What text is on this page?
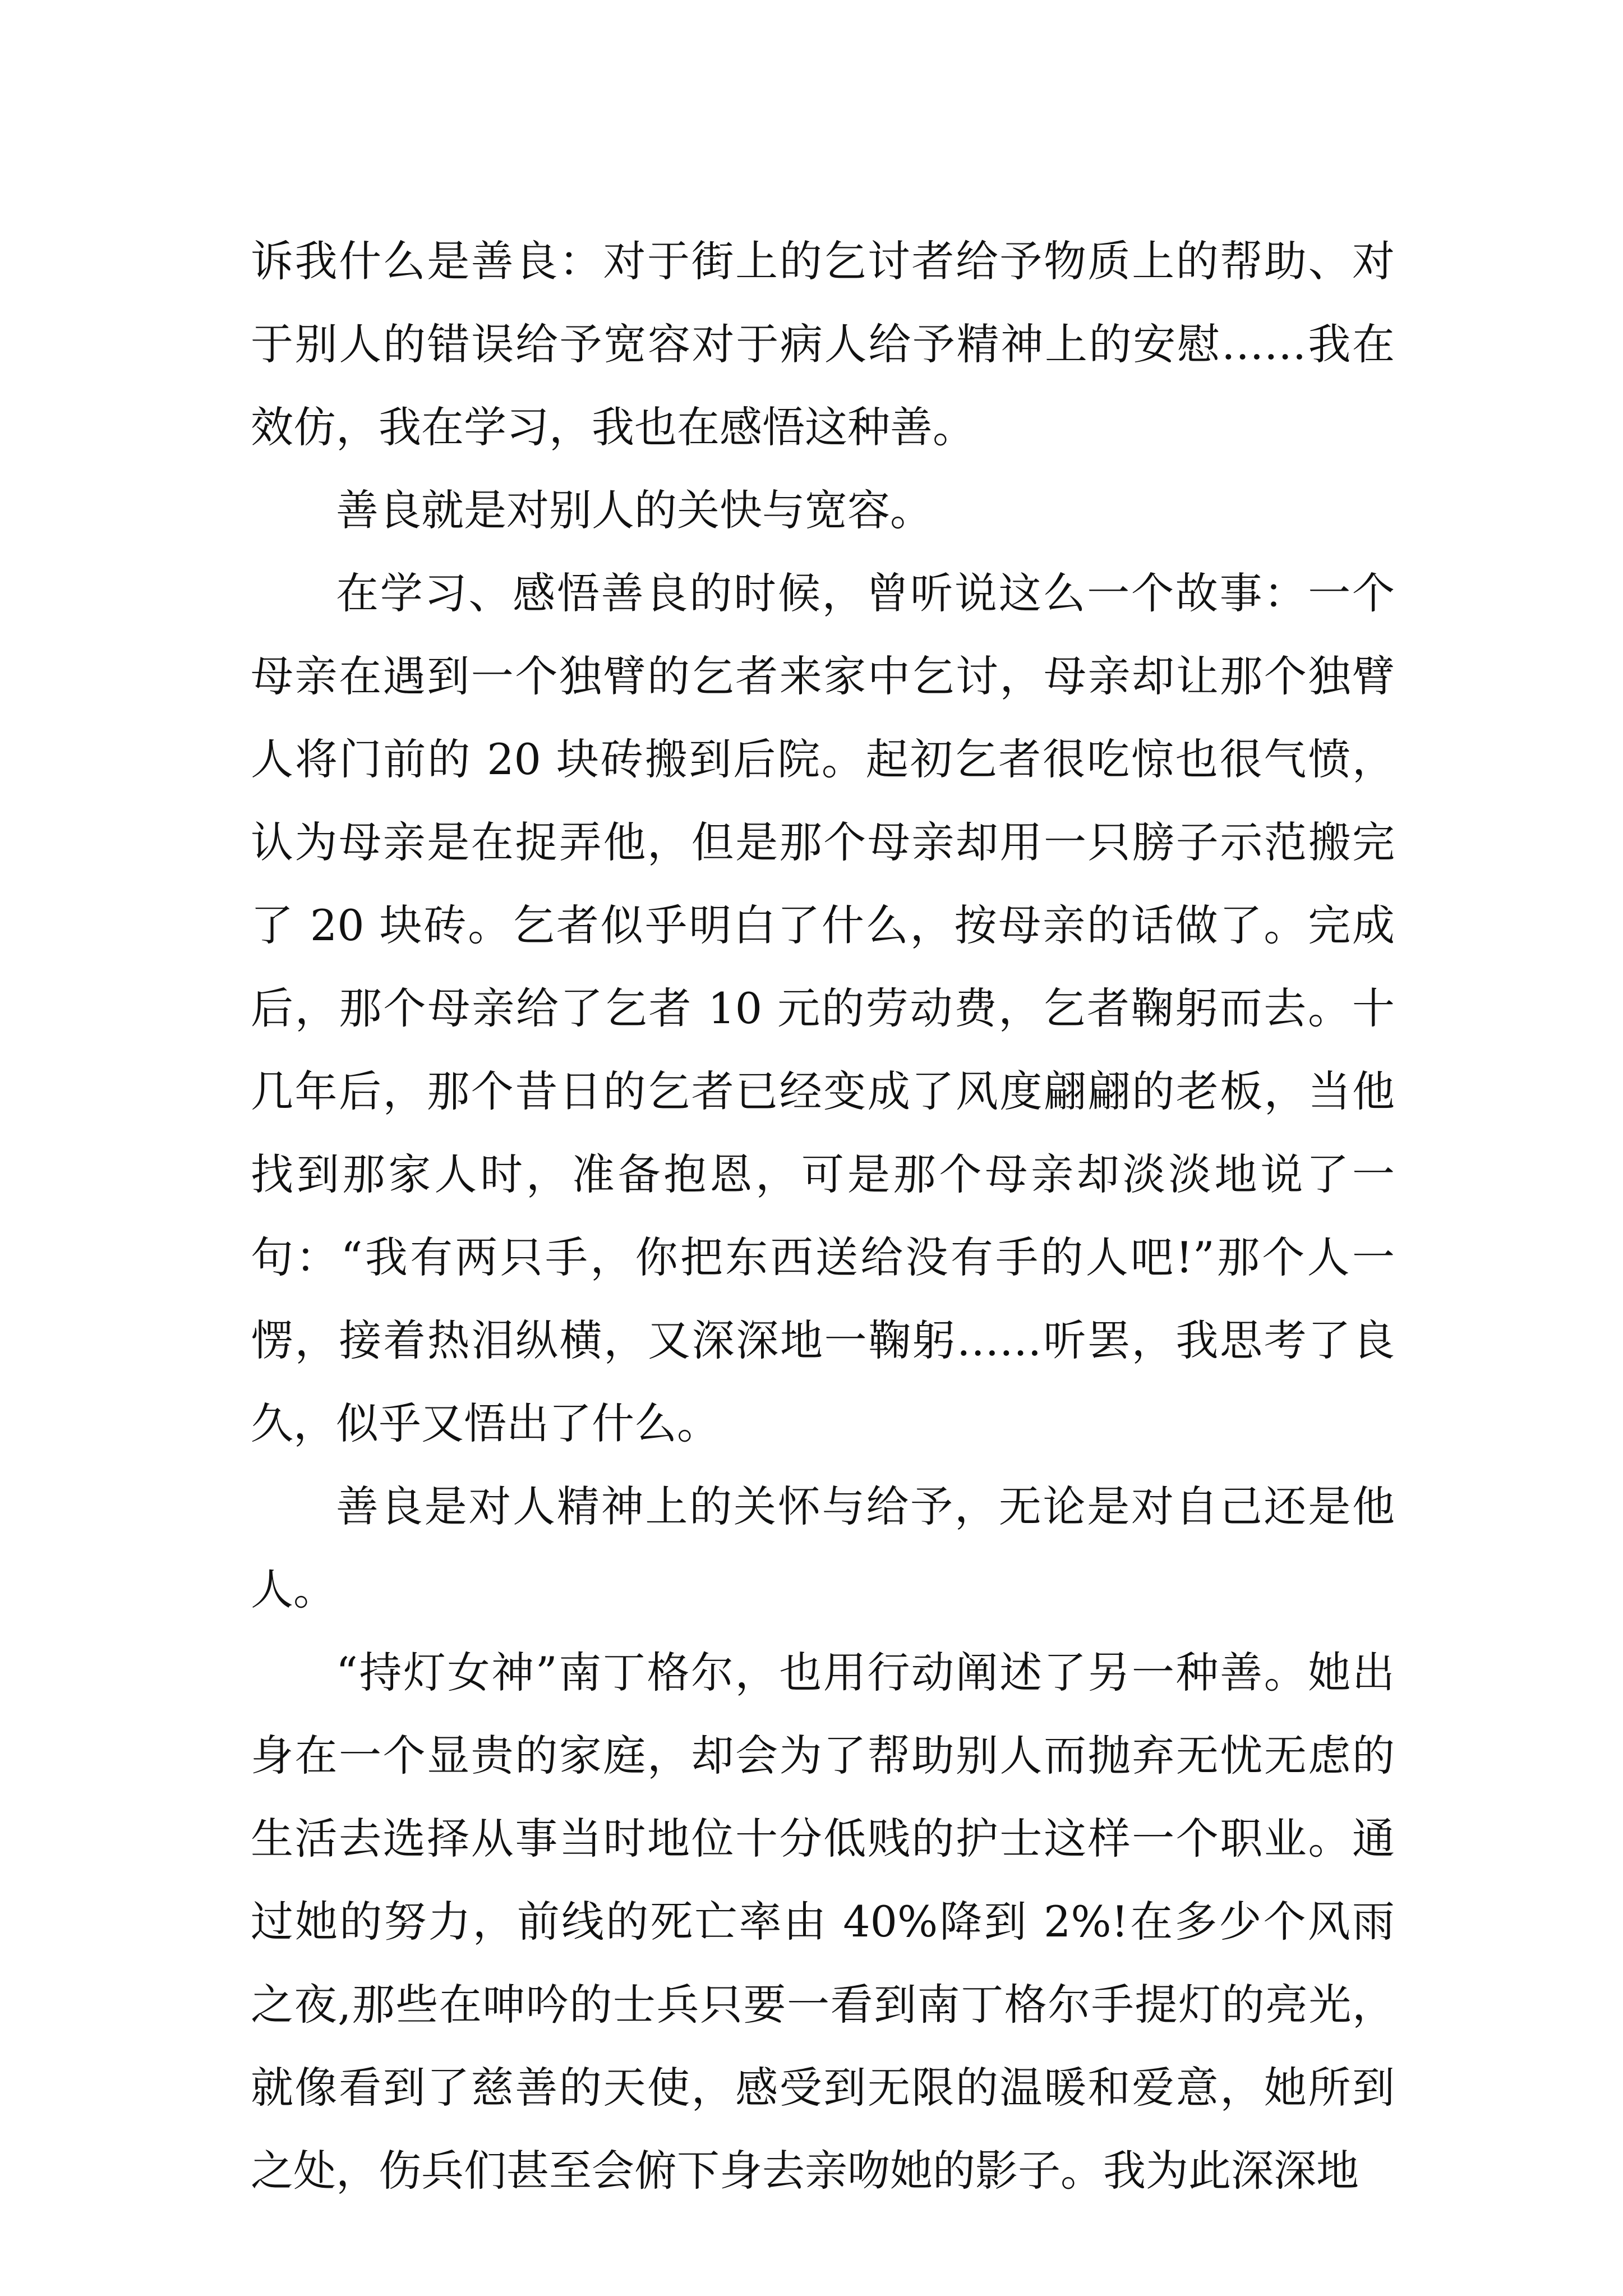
诉我什么是善良：对于街上的乞讨者给予物质上的帮助、对于别人的错误给予宽容对于病人给予精神上的安慰……我在效仿，我在学习，我也在感悟这种善。

善良就是对别人的关快与宽容。

在学习、感悟善良的时候，曾听说这么一个故事：一个母亲在遇到一个独臂的乞者来家中乞讨，母亲却让那个独臂人将门前的 20 块砖搬到后院。起初乞者很吃惊也很气愤，认为母亲是在捉弄他，但是那个母亲却用一只膀子示范搬完了 20 块砖。乞者似乎明白了什么，按母亲的话做了。完成后，那个母亲给了乞者 10 元的劳动费，乞者鞠躬而去。十几年后，那个昔日的乞者已经变成了风度翩翩的老板，当他找到那家人时，准备抱恩，可是那个母亲却淡淡地说了一句：“我有两只手，你把东西送给没有手的人吧!”那个人一愣，接着热泪纵横，又深深地一鞠躬……听罢，我思考了良久，似乎又悟出了什么。

善良是对人精神上的关怀与给予，无论是对自己还是他人。

“持灯女神”南丁格尔，也用行动阐述了另一种善。她出身在一个显贵的家庭，却会为了帮助别人而抛弃无忧无虑的生活去选择从事当时地位十分低贱的护士这样一个职业。通过她的努力，前线的死亡率由 40%降到 2%!在多少个风雨之夜,那些在呻吟的士兵只要一看到南丁格尔手提灯的亮光，就像看到了慈善的天使，感受到无限的温暖和爱意，她所到之处，伤兵们甚至会俯下身去亲吻她的影子。我为此深深地
